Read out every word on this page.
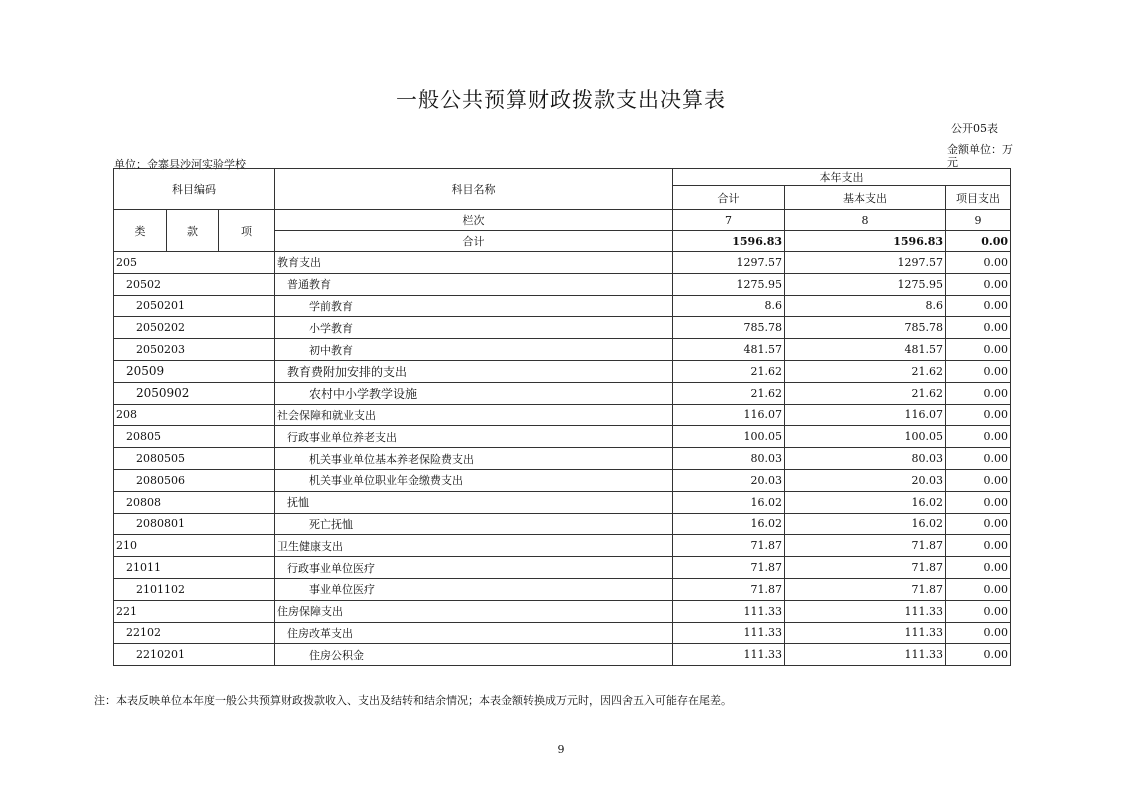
一般公共预算财政拨款支出决算表
公开05表
金额单位：万元
单位：金寨县沙河实验学校
科目编码			科目名称	本年支出		
				合计	基本支出	项目支出
类	款	项	栏次	7	8	9
			合计	1596.83	1596.83	0.00
205			教育支出	1297.57	1297.57	0.00
20502			普通教育	1275.95	1275.95	0.00
2050201			学前教育	8.6	8.6	0.00
2050202			小学教育	785.78	785.78	0.00
2050203			初中教育	481.57	481.57	0.00
20509			教育费附加安排的支出	21.62	21.62	0.00
2050902			农村中小学教学设施	21.62	21.62	0.00
208			社会保障和就业支出	116.07	116.07	0.00
20805			行政事业单位养老支出	100.05	100.05	0.00
2080505			机关事业单位基本养老保险费支出	80.03	80.03	0.00
2080506			机关事业单位职业年金缴费支出	20.03	20.03	0.00
20808			抚恤	16.02	16.02	0.00
2080801			死亡抚恤	16.02	16.02	0.00
210			卫生健康支出	71.87	71.87	0.00
21011			行政事业单位医疗	71.87	71.87	0.00
2101102			事业单位医疗	71.87	71.87	0.00
221			住房保障支出	111.33	111.33	0.00
22102			住房改革支出	111.33	111.33	0.00
2210201			住房公积金	111.33	111.33	0.00
注：本表反映单位本年度一般公共预算财政拨款收入、支出及结转和结余情况；本表金额转换成万元时，因四舍五入可能存在尾差。
9
